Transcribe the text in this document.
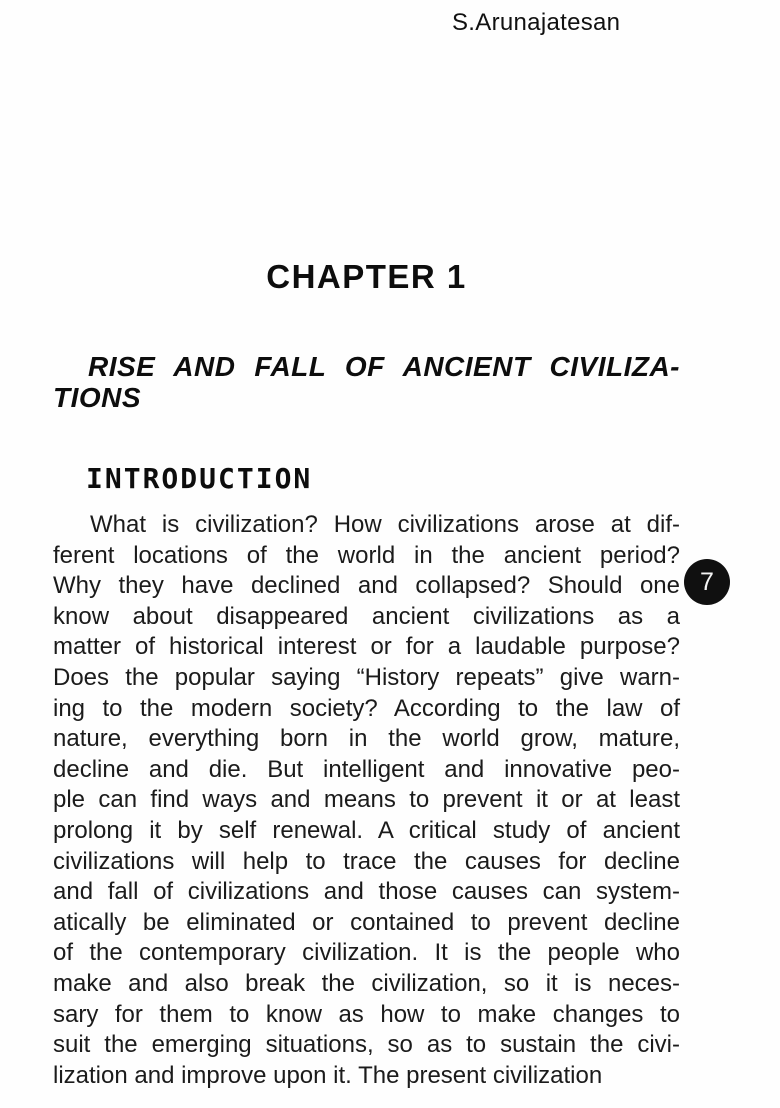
S.Arunajatesan
CHAPTER 1
RISE AND FALL OF ANCIENT CIVILIZA-
TIONS
INTRODUCTION
What is civilization? How civilizations arose at dif-
ferent locations of the world in the ancient period?
Why they have declined and collapsed? Should one
know about disappeared ancient civilizations as a
matter of historical interest or for a laudable purpose?
Does the popular saying “History repeats” give warn-
ing to the modern society? According to the law of
nature, everything born in the world grow, mature,
decline and die. But intelligent and innovative peo-
ple can find ways and means to prevent it or at least
prolong it by self renewal. A critical study of ancient
civilizations will help to trace the causes for decline
and fall of civilizations and those causes can system-
atically be eliminated or contained to prevent decline
of the contemporary civilization. It is the people who
make and also break the civilization, so it is neces-
sary for them to know as how to make changes to
suit the emerging situations, so as to sustain the civi-
lization and improve upon it. The present civilization
7
